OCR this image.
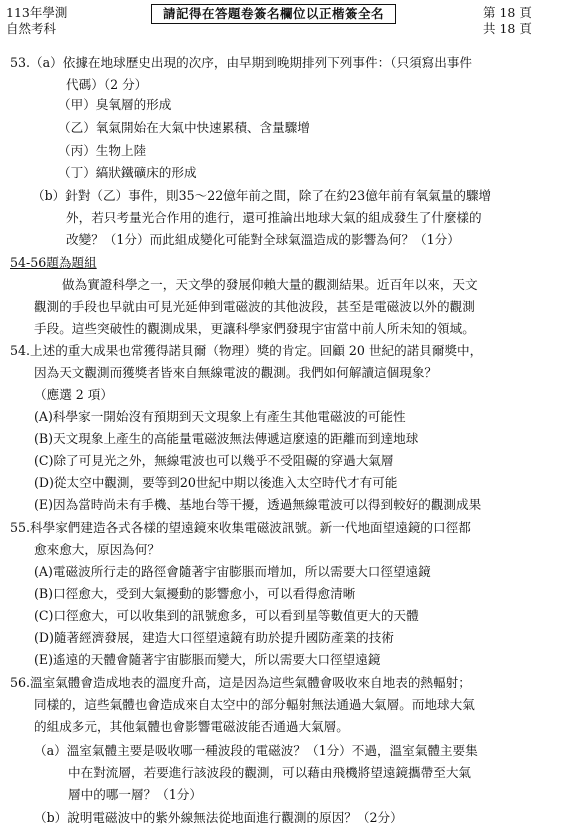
113年學測
自然考科
請記得在答題卷簽名欄位以正楷簽全名	第 18 頁
共 18 頁
53.（a）依據在地球歷史出現的次序，由早期到晚期排列下列事件：（只須寫出事件
代碼）（2 分）
（甲）臭氧層的形成
（乙）氧氣開始在大氣中快速累積、含量驟增
（丙）生物上陸
（丁）縞狀鐵礦床的形成
（b）針對（乙）事件，則35～22億年前之間，除了在約23億年前有氧氣量的驟增
外，若只考量光合作用的進行，還可推論出地球大氣的組成發生了什麼樣的
改變？（1分）而此組成變化可能對全球氣溫造成的影響為何？（1分）
54-56題為題組
做為實證科學之一，天文學的發展仰賴大量的觀測結果。近百年以來，天文
觀測的手段也早就由可見光延伸到電磁波的其他波段，甚至是電磁波以外的觀測
手段。這些突破性的觀測成果，更讓科學家們發現宇宙當中前人所未知的領域。
54.上述的重大成果也常獲得諾貝爾（物理）獎的肯定。回顧 20 世紀的諾貝爾獎中，
因為天文觀測而獲獎者皆來自無線電波的觀測。我們如何解讀這個現象？
（應選 2 項）
(A)科學家一開始沒有預期到天文現象上有產生其他電磁波的可能性
(B)天文現象上產生的高能量電磁波無法傳遞這麼遠的距離而到達地球
(C)除了可見光之外，無線電波也可以幾乎不受阻礙的穿過大氣層
(D)從太空中觀測，要等到20世紀中期以後進入太空時代才有可能
(E)因為當時尚未有手機、基地台等干擾，透過無線電波可以得到較好的觀測成果
55.科學家們建造各式各樣的望遠鏡來收集電磁波訊號。新一代地面望遠鏡的口徑都
愈來愈大，原因為何？
(A)電磁波所行走的路徑會隨著宇宙膨脹而增加，所以需要大口徑望遠鏡
(B)口徑愈大，受到大氣擾動的影響愈小，可以看得愈清晰
(C)口徑愈大，可以收集到的訊號愈多，可以看到星等數值更大的天體
(D)隨著經濟發展，建造大口徑望遠鏡有助於提升國防產業的技術
(E)遙遠的天體會隨著宇宙膨脹而變大，所以需要大口徑望遠鏡
56.溫室氣體會造成地表的溫度升高，這是因為這些氣體會吸收來自地表的熱輻射；
同樣的，這些氣體也會造成來自太空中的部分輻射無法通過大氣層。而地球大氣
的組成多元，其他氣體也會影響電磁波能否通過大氣層。
（a）溫室氣體主要是吸收哪一種波段的電磁波？（1分）不過，溫室氣體主要集
中在對流層，若要進行該波段的觀測，可以藉由飛機將望遠鏡攜帶至大氣
層中的哪一層？（1分）
（b）說明電磁波中的紫外線無法從地面進行觀測的原因？（2分）
